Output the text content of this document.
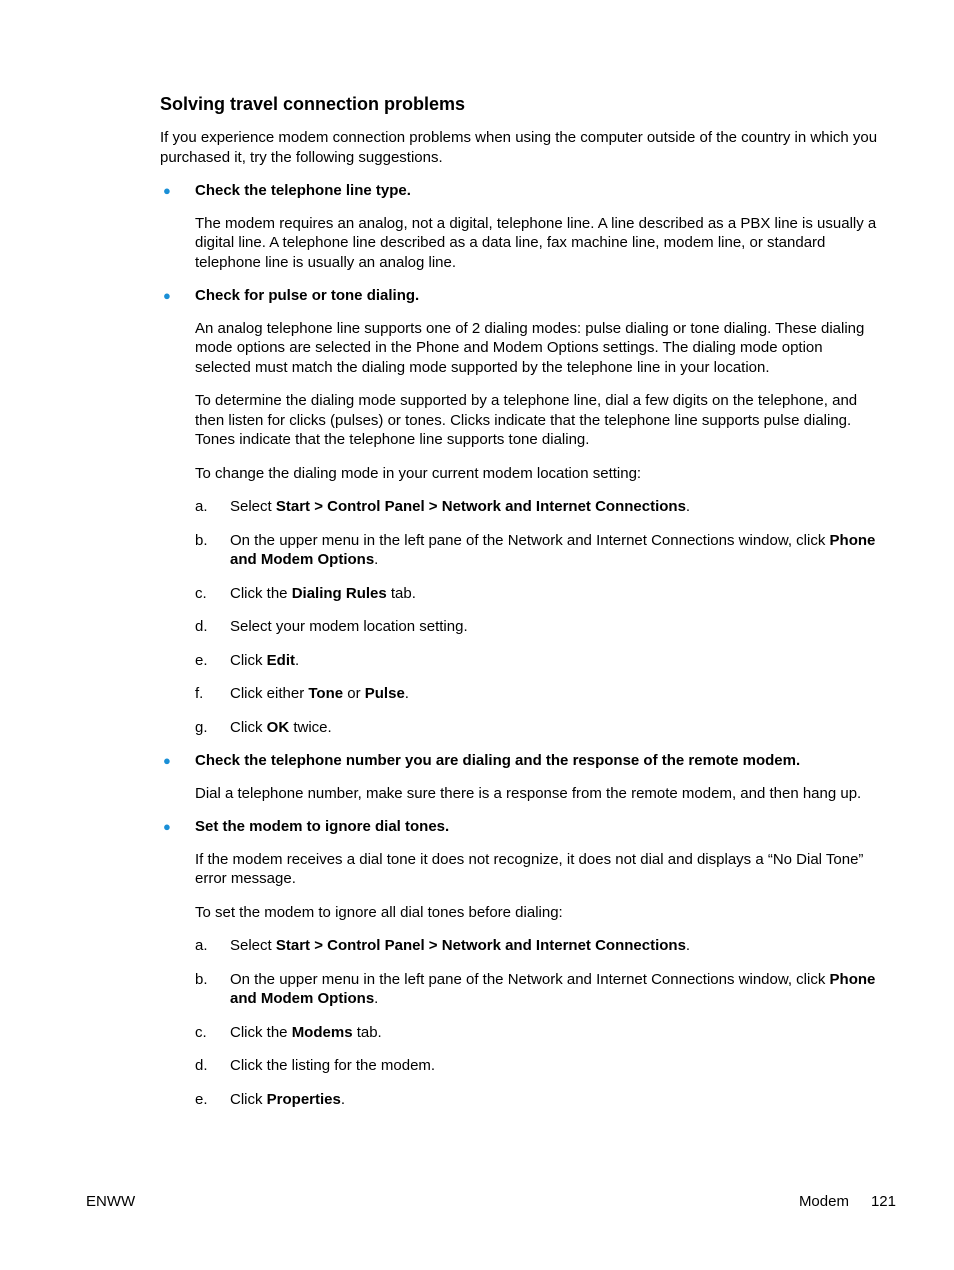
Solving travel connection problems

If you experience modem connection problems when using the computer outside of the country in which you purchased it, try the following suggestions.

● Check the telephone line type.

The modem requires an analog, not a digital, telephone line. A line described as a PBX line is usually a digital line. A telephone line described as a data line, fax machine line, modem line, or standard telephone line is usually an analog line.

● Check for pulse or tone dialing.

An analog telephone line supports one of 2 dialing modes: pulse dialing or tone dialing. These dialing mode options are selected in the Phone and Modem Options settings. The dialing mode option selected must match the dialing mode supported by the telephone line in your location.

To determine the dialing mode supported by a telephone line, dial a few digits on the telephone, and then listen for clicks (pulses) or tones. Clicks indicate that the telephone line supports pulse dialing. Tones indicate that the telephone line supports tone dialing.

To change the dialing mode in your current modem location setting:

a. Select Start > Control Panel > Network and Internet Connections.
b. On the upper menu in the left pane of the Network and Internet Connections window, click Phone and Modem Options.
c. Click the Dialing Rules tab.
d. Select your modem location setting.
e. Click Edit.
f. Click either Tone or Pulse.
g. Click OK twice.
● Check the telephone number you are dialing and the response of the remote modem.

Dial a telephone number, make sure there is a response from the remote modem, and then hang up.

● Set the modem to ignore dial tones.

If the modem receives a dial tone it does not recognize, it does not dial and displays a “No Dial Tone” error message.

To set the modem to ignore all dial tones before dialing:

a. Select Start > Control Panel > Network and Internet Connections.
b. On the upper menu in the left pane of the Network and Internet Connections window, click Phone and Modem Options.
c. Click the Modems tab.
d. Click the listing for the modem.
e. Click Properties.
ENWW	Modem 121
